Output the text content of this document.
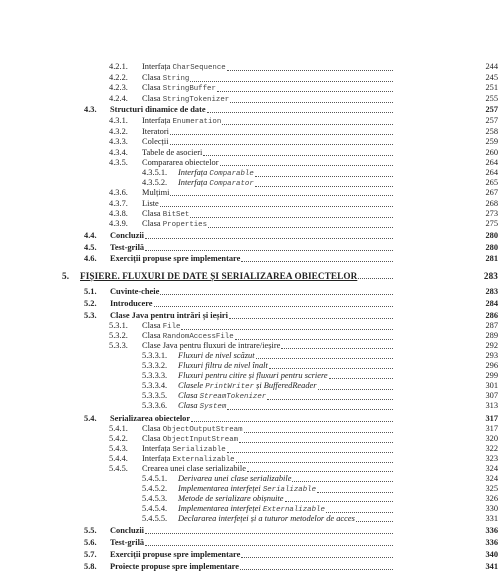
4.2.1. Interfața CharSequence	244
4.2.2. Clasa String	245
4.2.3. Clasa StringBuffer	251
4.2.4. Clasa StringTokenizer	255
4.3. Structuri dinamice de date	257
4.3.1. Interfața Enumeration	257
4.3.2. Iteratori	258
4.3.3. Colecții	259
4.3.4. Tabele de asocieri	260
4.3.5. Compararea obiectelor	264
4.3.5.1. Interfața Comparable	264
4.3.5.2. Interfața Comparator	265
4.3.6. Mulțimi	267
4.3.7. Liste	268
4.3.8. Clasa BitSet	273
4.3.9. Clasa Properties	275
4.4. Concluzii	280
4.5. Test-grilă	280
4.6. Exerciții propuse spre implementare	281
5. FIȘIERE. FLUXURI DE DATE ȘI SERIALIZAREA OBIECTELOR	283
5.1. Cuvinte-cheie	283
5.2. Introducere	284
5.3. Clase Java pentru intrări și ieșiri	286
5.3.1. Clasa File	287
5.3.2. Clasa RandomAccessFile	289
5.3.3. Clase Java pentru fluxuri de intrare/ieșire	292
5.3.3.1. Fluxuri de nivel scăzut	293
5.3.3.2. Fluxuri filtru de nivel înalt	296
5.3.3.3. Fluxuri pentru citire și fluxuri pentru scriere	299
5.3.3.4. Clasele PrintWriter și BufferedReader	301
5.3.3.5. Clasa StreamTokenizer	307
5.3.3.6. Clasa System	313
5.4. Serializarea obiectelor	317
5.4.1. Clasa ObjectOutputStream	317
5.4.2. Clasa ObjectInputStream	320
5.4.3. Interfața Serializable	322
5.4.4. Interfața Externalizable	323
5.4.5. Crearea unei clase serializabile	324
5.4.5.1. Derivarea unei clase serializabile	324
5.4.5.2. Implementarea interfeței Serializable	325
5.4.5.3. Metode de serializare obișnuite	326
5.4.5.4. Implementarea interfeței Externalizable	330
5.4.5.5. Declararea interfeței și a tuturor metodelor de acces	331
5.5. Concluzii	336
5.6. Test-grilă	336
5.7. Exerciții propuse spre implementare	340
5.8. Proiecte propuse spre implementare	341
